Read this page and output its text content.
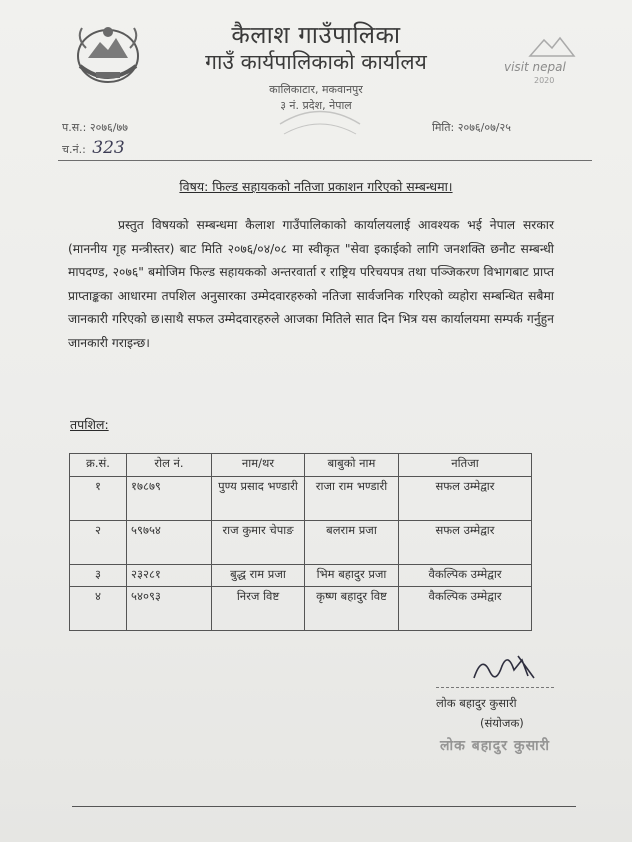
visit nepal
2020
कैलाश गाउँपालिका
गाउँ कार्यपालिकाको कार्यालय
कालिकाटार, मकवानपुर
३ नं. प्रदेश, नेपाल
प.स.: २०७६/७७
च.नं.: 323
मिति: २०७६/०७/२५
विषय: फिल्ड सहायकको नतिजा प्रकाशन गरिएको सम्बन्धमा।
प्रस्तुत विषयको सम्बन्धमा कैलाश गाउँपालिकाको कार्यालयलाई आवश्यक भई नेपाल सरकार (माननीय गृह मन्त्रीस्तर) बाट मिति २०७६/०४/०८ मा स्वीकृत "सेवा इकाईको लागि जनशक्ति छनौट सम्बन्धी मापदण्ड, २०७६" बमोजिम फिल्ड सहायकको अन्तरवार्ता र राष्ट्रिय परिचयपत्र तथा पञ्जिकरण विभागबाट प्राप्त प्राप्ताङ्कका आधारमा तपशिल अनुसारका उम्मेदवारहरुको नतिजा सार्वजनिक गरिएको व्यहोरा सम्बन्धित सबैमा जानकारी गरिएको छ।साथै सफल उम्मेदवारहरुले आजका मितिले सात दिन भित्र यस कार्यालयमा सम्पर्क गर्नुहुन जानकारी गराइन्छ।
तपशिल:
क्र.सं.	रोल नं.	नाम/थर	बाबुको नाम	नतिजा
१	१७८७९	पुण्य प्रसाद भण्डारी	राजा राम भण्डारी	सफल उम्मेद्वार
२	५९७५४	राज कुमार चेपाङ	बलराम प्रजा	सफल उम्मेद्वार
३	२३२८१	बुद्ध राम प्रजा	भिम बहादुर प्रजा	वैकल्पिक उम्मेद्वार
४	५४०९३	निरज विष्ट	कृष्ण बहादुर विष्ट	वैकल्पिक उम्मेद्वार
लोक बहादुर कुसारी
(संयोजक)
लोक बहादुर कुसारी
